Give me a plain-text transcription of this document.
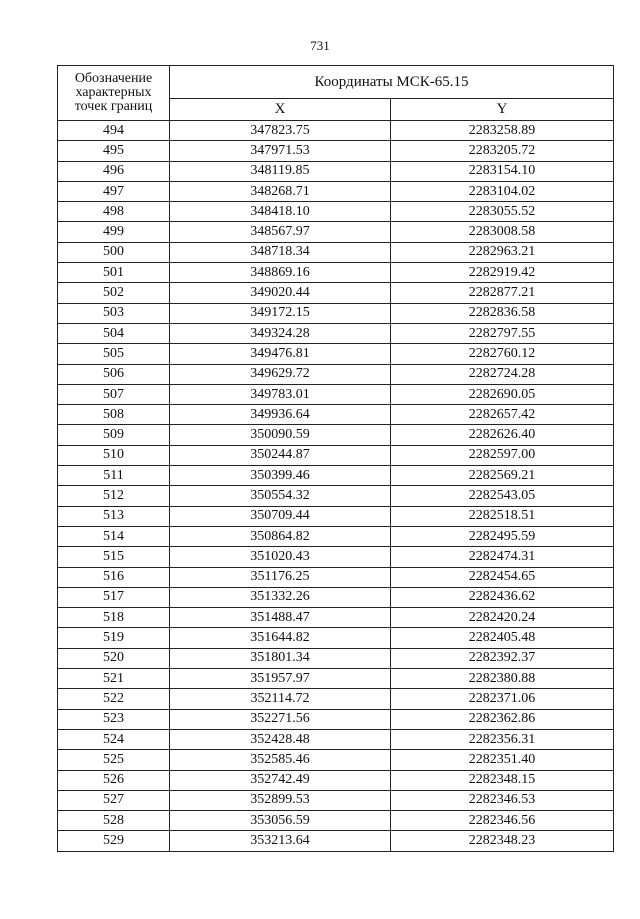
731
Обозначение характерных точек границ	Координаты МСК-65.15	
	X	Y
494	347823.75	2283258.89
495	347971.53	2283205.72
496	348119.85	2283154.10
497	348268.71	2283104.02
498	348418.10	2283055.52
499	348567.97	2283008.58
500	348718.34	2282963.21
501	348869.16	2282919.42
502	349020.44	2282877.21
503	349172.15	2282836.58
504	349324.28	2282797.55
505	349476.81	2282760.12
506	349629.72	2282724.28
507	349783.01	2282690.05
508	349936.64	2282657.42
509	350090.59	2282626.40
510	350244.87	2282597.00
511	350399.46	2282569.21
512	350554.32	2282543.05
513	350709.44	2282518.51
514	350864.82	2282495.59
515	351020.43	2282474.31
516	351176.25	2282454.65
517	351332.26	2282436.62
518	351488.47	2282420.24
519	351644.82	2282405.48
520	351801.34	2282392.37
521	351957.97	2282380.88
522	352114.72	2282371.06
523	352271.56	2282362.86
524	352428.48	2282356.31
525	352585.46	2282351.40
526	352742.49	2282348.15
527	352899.53	2282346.53
528	353056.59	2282346.56
529	353213.64	2282348.23
